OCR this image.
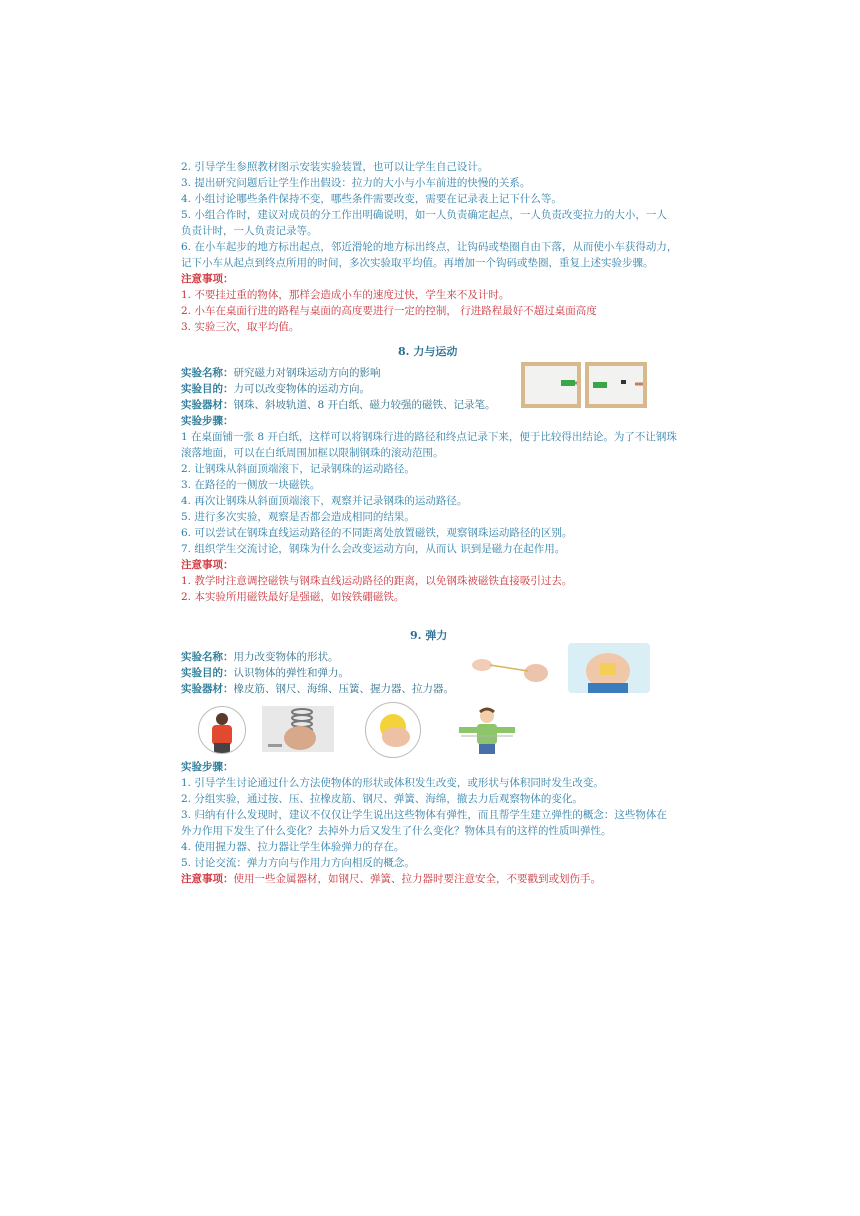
2. 引导学生参照教材图示安装实验装置，也可以让学生自己设计。
3. 提出研究问题后让学生作出假设：拉力的大小与小车前进的快慢的关系。
4. 小组讨论哪些条件保持不变，哪些条件需要改变，需要在记录表上记下什么等。
5. 小组合作时，建议对成员的分工作出明确说明，如一人负责确定起点，一人负责改变拉力的大小，一人
负责计时，一人负责记录等。
6. 在小车起步的地方标出起点，邻近滑轮的地方标出终点，让钩码或垫圈自由下落，从而使小车获得动力，
记下小车从起点到终点所用的时间，多次实验取平均值。再增加一个钩码或垫圈，重复上述实验步骤。
注意事项：
1. 不要挂过重的物体，那样会造成小车的速度过快，学生来不及计时。
2. 小车在桌面行进的路程与桌面的高度要进行一定的控制， 行进路程最好不超过桌面高度
3. 实验三次，取平均值。
8. 力与运动
实验名称：研究磁力对钢珠运动方向的影响
实验目的：力可以改变物体的运动方向。
实验器材：钢珠、斜坡轨道、8 开白纸、磁力较强的磁铁、记录笔。
实验步骤：
1 在桌面铺一张 8 开白纸，这样可以将钢珠行进的路径和终点记录下来，便于比较得出结论。为了不让钢珠
滚落地面，可以在白纸周围加框以限制钢珠的滚动范围。
2. 让钢珠从斜面顶端滚下，记录钢珠的运动路径。
3. 在路径的一侧放一块磁铁。
4. 再次让钢珠从斜面顶端滚下，观察并记录钢珠的运动路径。
5. 进行多次实验，观察是否都会造成相同的结果。
6. 可以尝试在钢珠直线运动路径的不同距离处放置磁铁，观察钢珠运动路径的区别。
7. 组织学生交流讨论，钢珠为什么会改变运动方向，从而认 识到是磁力在起作用。
注意事项：
1. 教学时注意调控磁铁与钢珠直线运动路径的距离，以免钢珠被磁铁直接吸引过去。
2. 本实验所用磁铁最好是强磁，如铵铁硼磁铁。
9. 弹力
实验名称：用力改变物体的形状。
实验目的：认识物体的弹性和弹力。
实验器材：橡皮筋、钢尺、海绵、压簧、握力器、拉力器。
实验步骤：
1. 引导学生讨论通过什么方法使物体的形状或体积发生改变，或形状与体积同时发生改变。
2. 分组实验，通过按、压、拉橡皮筋、钢尺、弹簧、海绵，撤去力后观察物体的变化。
3. 归纳有什么发现时，建议不仅仅让学生说出这些物体有弹性，而且帮学生建立弹性的概念：这些物体在
外力作用下发生了什么变化？去掉外力后又发生了什么变化？物体具有的这样的性质叫弹性。
4. 使用握力器、拉力器让学生体验弹力的存在。
5. 讨论交流：弹力方向与作用力方向相反的概念。
注意事项：使用一些金属器材，如钢尺、弹簧、拉力器时要注意安全，不要戳到或划伤手。
